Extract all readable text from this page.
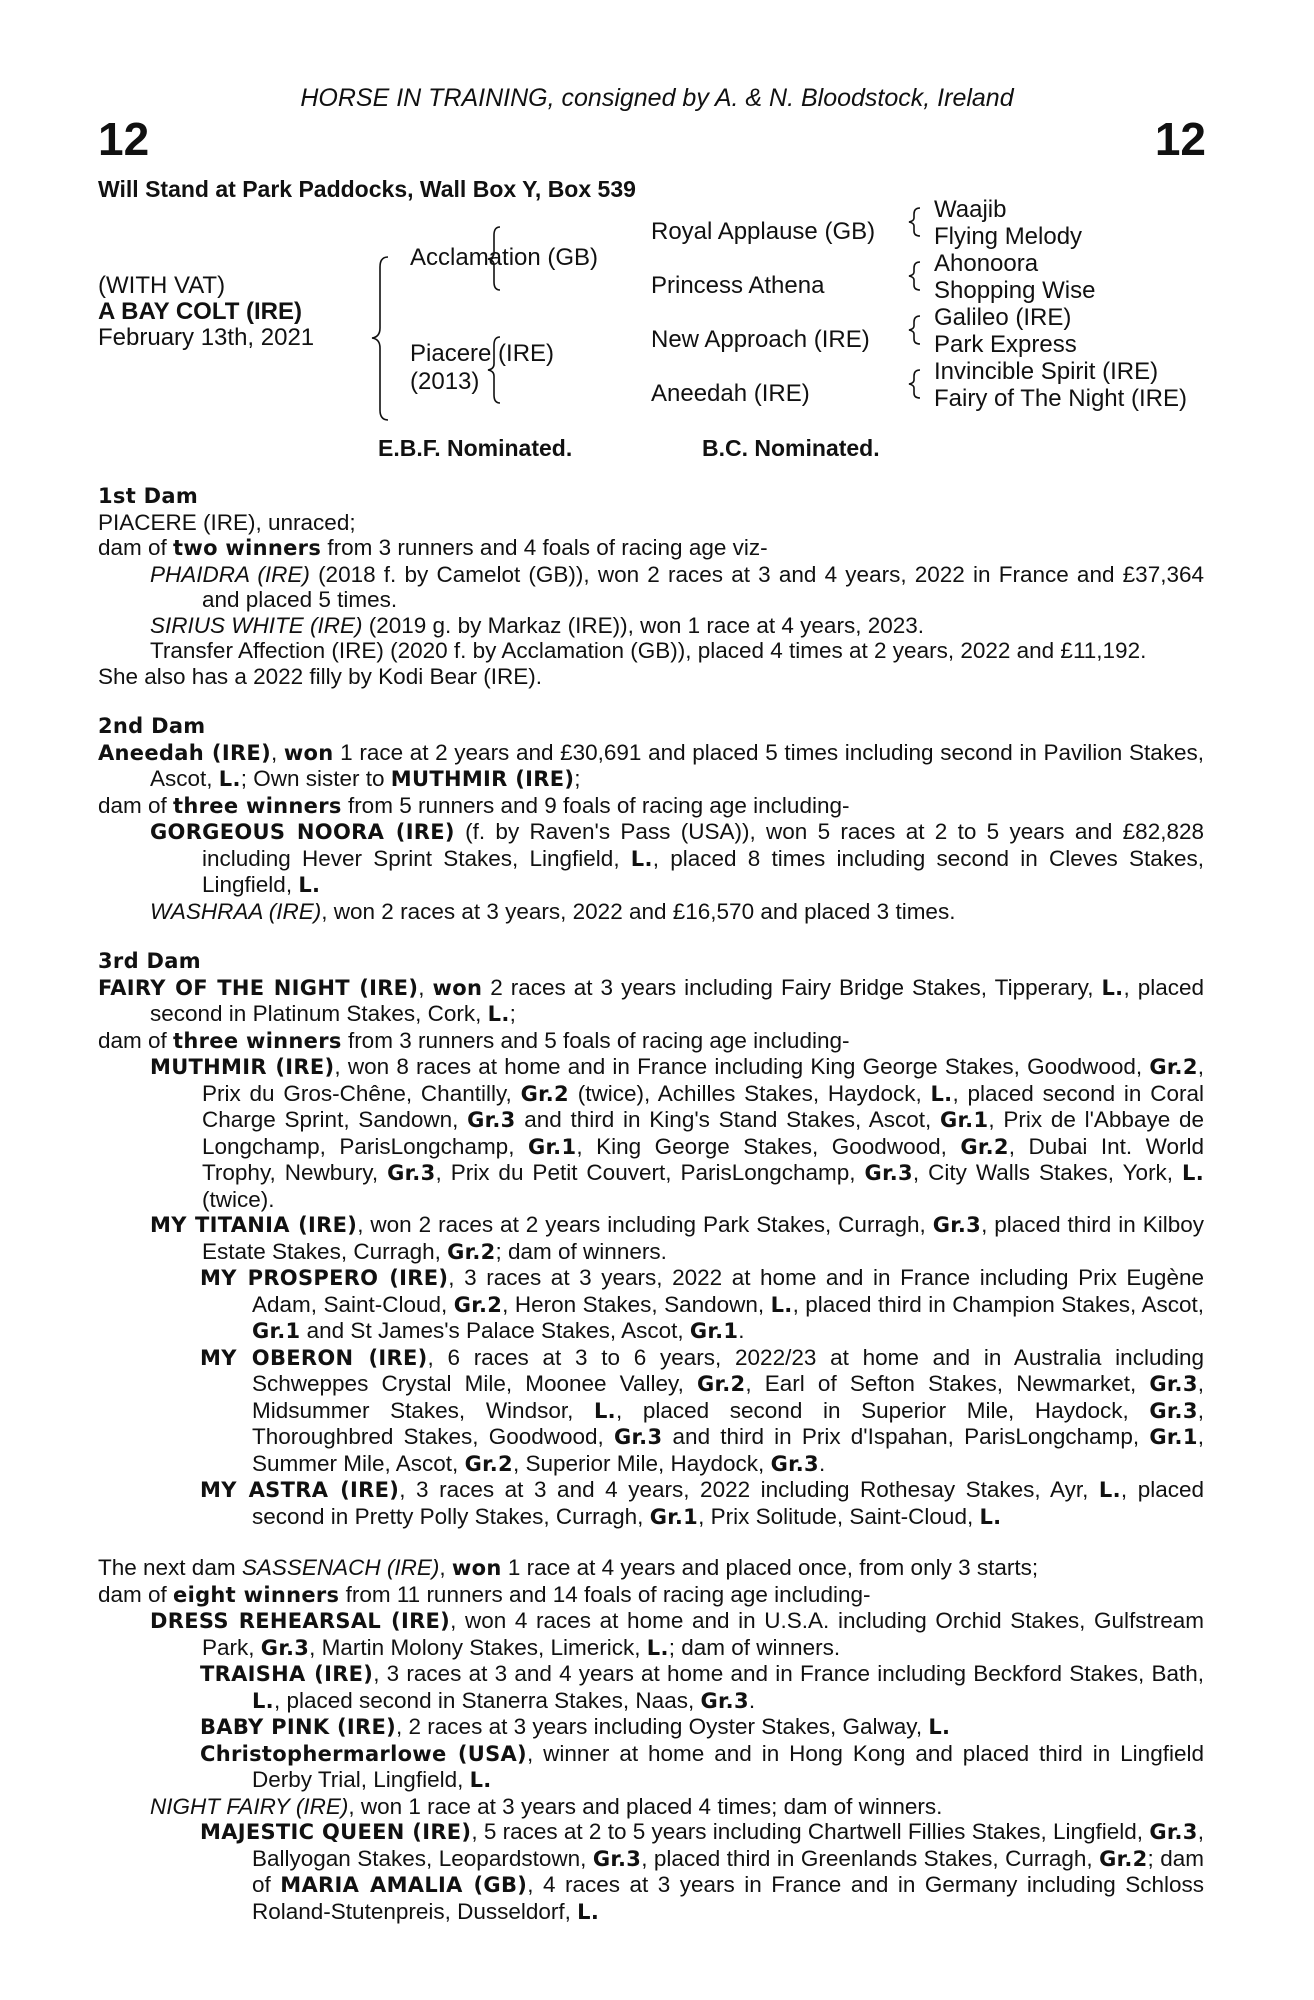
HORSE IN TRAINING, consigned by A. & N. Bloodstock, Ireland
12	12
Will Stand at Park Paddocks, Wall Box Y, Box 539
(WITH VAT)
A BAY COLT (IRE)
February 13th, 2021
Acclamation (GB)
Piacere (IRE)
(2013)
Royal Applause (GB)
Princess Athena
New Approach (IRE)
Aneedah (IRE)
Waajib
Flying Melody
Ahonoora
Shopping Wise
Galileo (IRE)
Park Express
Invincible Spirit (IRE)
Fairy of The Night (IRE)
E.B.F. Nominated.	B.C. Nominated.
1st Dam

PIACERE (IRE), unraced;

dam of two winners from 3 runners and 4 foals of racing age viz-

PHAIDRA (IRE) (2018 f. by Camelot (GB)), won 2 races at 3 and 4 years, 2022 in France and £37,364 and placed 5 times.

SIRIUS WHITE (IRE) (2019 g. by Markaz (IRE)), won 1 race at 4 years, 2023.

Transfer Affection (IRE) (2020 f. by Acclamation (GB)), placed 4 times at 2 years, 2022 and £11,192.

She also has a 2022 filly by Kodi Bear (IRE).

2nd Dam

Aneedah (IRE), won 1 race at 2 years and £30,691 and placed 5 times including second in Pavilion Stakes, Ascot, L.; Own sister to MUTHMIR (IRE);

dam of three winners from 5 runners and 9 foals of racing age including-

GORGEOUS NOORA (IRE) (f. by Raven's Pass (USA)), won 5 races at 2 to 5 years and £82,828 including Hever Sprint Stakes, Lingfield, L., placed 8 times including second in Cleves Stakes, Lingfield, L.

WASHRAA (IRE), won 2 races at 3 years, 2022 and £16,570 and placed 3 times.

3rd Dam

FAIRY OF THE NIGHT (IRE), won 2 races at 3 years including Fairy Bridge Stakes, Tipperary, L., placed second in Platinum Stakes, Cork, L.;

dam of three winners from 3 runners and 5 foals of racing age including-

MUTHMIR (IRE), won 8 races at home and in France including King George Stakes, Goodwood, Gr.2, Prix du Gros-Chêne, Chantilly, Gr.2 (twice), Achilles Stakes, Haydock, L., placed second in Coral Charge Sprint, Sandown, Gr.3 and third in King's Stand Stakes, Ascot, Gr.1, Prix de l'Abbaye de Longchamp, ParisLongchamp, Gr.1, King George Stakes, Goodwood, Gr.2, Dubai Int. World Trophy, Newbury, Gr.3, Prix du Petit Couvert, ParisLongchamp, Gr.3, City Walls Stakes, York, L. (twice).

MY TITANIA (IRE), won 2 races at 2 years including Park Stakes, Curragh, Gr.3, placed third in Kilboy Estate Stakes, Curragh, Gr.2; dam of winners.

MY PROSPERO (IRE), 3 races at 3 years, 2022 at home and in France including Prix Eugène Adam, Saint-Cloud, Gr.2, Heron Stakes, Sandown, L., placed third in Champion Stakes, Ascot, Gr.1 and St James's Palace Stakes, Ascot, Gr.1.

MY OBERON (IRE), 6 races at 3 to 6 years, 2022/23 at home and in Australia including Schweppes Crystal Mile, Moonee Valley, Gr.2, Earl of Sefton Stakes, Newmarket, Gr.3, Midsummer Stakes, Windsor, L., placed second in Superior Mile, Haydock, Gr.3, Thoroughbred Stakes, Goodwood, Gr.3 and third in Prix d'Ispahan, ParisLongchamp, Gr.1, Summer Mile, Ascot, Gr.2, Superior Mile, Haydock, Gr.3.

MY ASTRA (IRE), 3 races at 3 and 4 years, 2022 including Rothesay Stakes, Ayr, L., placed second in Pretty Polly Stakes, Curragh, Gr.1, Prix Solitude, Saint-Cloud, L.

The next dam SASSENACH (IRE), won 1 race at 4 years and placed once, from only 3 starts;

dam of eight winners from 11 runners and 14 foals of racing age including-

DRESS REHEARSAL (IRE), won 4 races at home and in U.S.A. including Orchid Stakes, Gulfstream Park, Gr.3, Martin Molony Stakes, Limerick, L.; dam of winners.

TRAISHA (IRE), 3 races at 3 and 4 years at home and in France including Beckford Stakes, Bath, L., placed second in Stanerra Stakes, Naas, Gr.3.

BABY PINK (IRE), 2 races at 3 years including Oyster Stakes, Galway, L.

Christophermarlowe (USA), winner at home and in Hong Kong and placed third in Lingfield Derby Trial, Lingfield, L.

NIGHT FAIRY (IRE), won 1 race at 3 years and placed 4 times; dam of winners.

MAJESTIC QUEEN (IRE), 5 races at 2 to 5 years including Chartwell Fillies Stakes, Lingfield, Gr.3, Ballyogan Stakes, Leopardstown, Gr.3, placed third in Greenlands Stakes, Curragh, Gr.2; dam of MARIA AMALIA (GB), 4 races at 3 years in France and in Germany including Schloss Roland-Stutenpreis, Dusseldorf, L.
